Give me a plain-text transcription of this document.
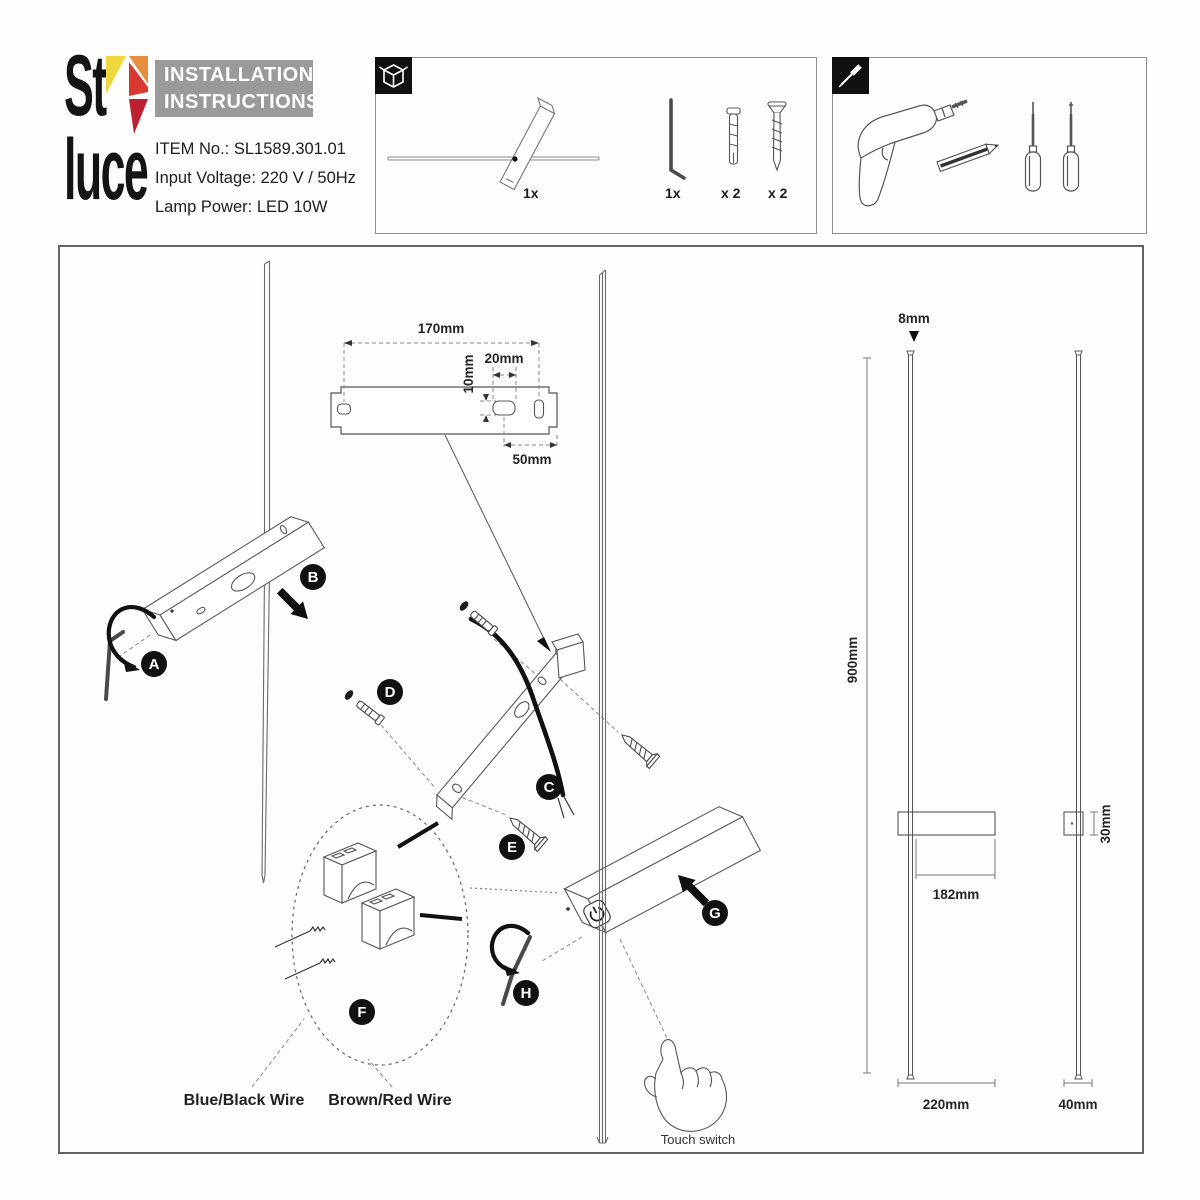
St
luce
INSTALLATION
INSTRUCTIONS
ITEM No.: SL1589.301.01
Input Voltage: 220 V / 50Hz
Lamp Power: LED 10W
1x	1x	x 2 x 2
A
B
170mm
10mm 20mm
50mm
D
C
E
F
Blue/Black Wire Brown/Red Wire
H
G
Touch switch
8mm
900mm
182mm
220mm
30mm
40mm
